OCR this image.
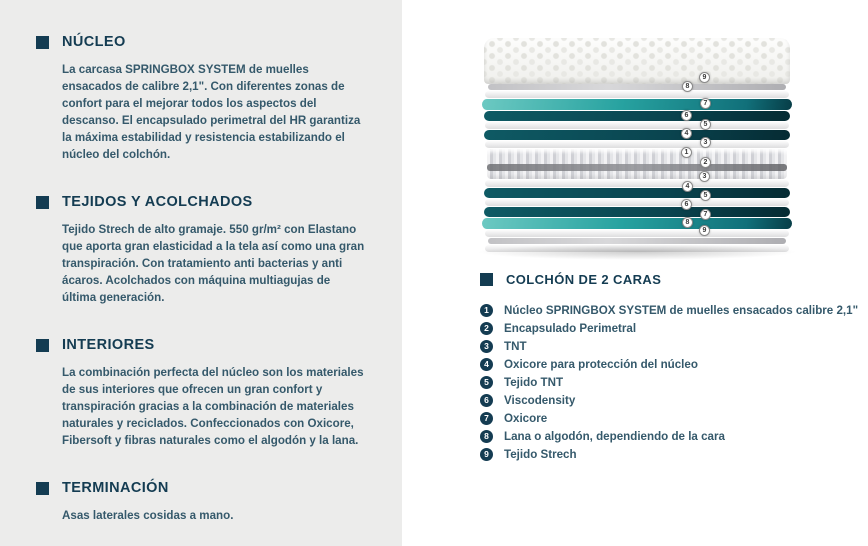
NÚCLEO
La carcasa SPRINGBOX SYSTEM de muelles ensacados de calibre 2,1". Con diferentes zonas de confort para el mejorar todos los aspectos del descanso. El encapsulado perimetral del HR garantiza la máxima estabilidad y resistencia estabilizando el núcleo del colchón.
TEJIDOS Y ACOLCHADOS
Tejido Strech de alto gramaje. 550 gr/m² con Elastano que aporta gran elasticidad a la tela así como una gran transpiración. Con tratamiento anti bacterias y anti ácaros. Acolchados con máquina multiagujas de última generación.
INTERIORES
La combinación perfecta del núcleo son los materiales de sus interiores que ofrecen un gran confort y transpiración gracias a la combinación de materiales naturales y reciclados. Confeccionados con Oxicore, Fibersoft y fibras naturales como el algodón y la lana.
TERMINACIÓN
Asas laterales cosidas a mano.
9
8
7
6
5
4
3
1
2
3
4
5
6
7
8
9
COLCHÓN DE 2 CARAS
1	Núcleo SPRINGBOX SYSTEM de muelles ensacados calibre 2,1"
2	Encapsulado Perimetral
3	TNT
4	Oxicore para protección del núcleo
5	Tejido TNT
6	Viscodensity
7	Oxicore
8	Lana o algodón, dependiendo de la cara
9	Tejido Strech
